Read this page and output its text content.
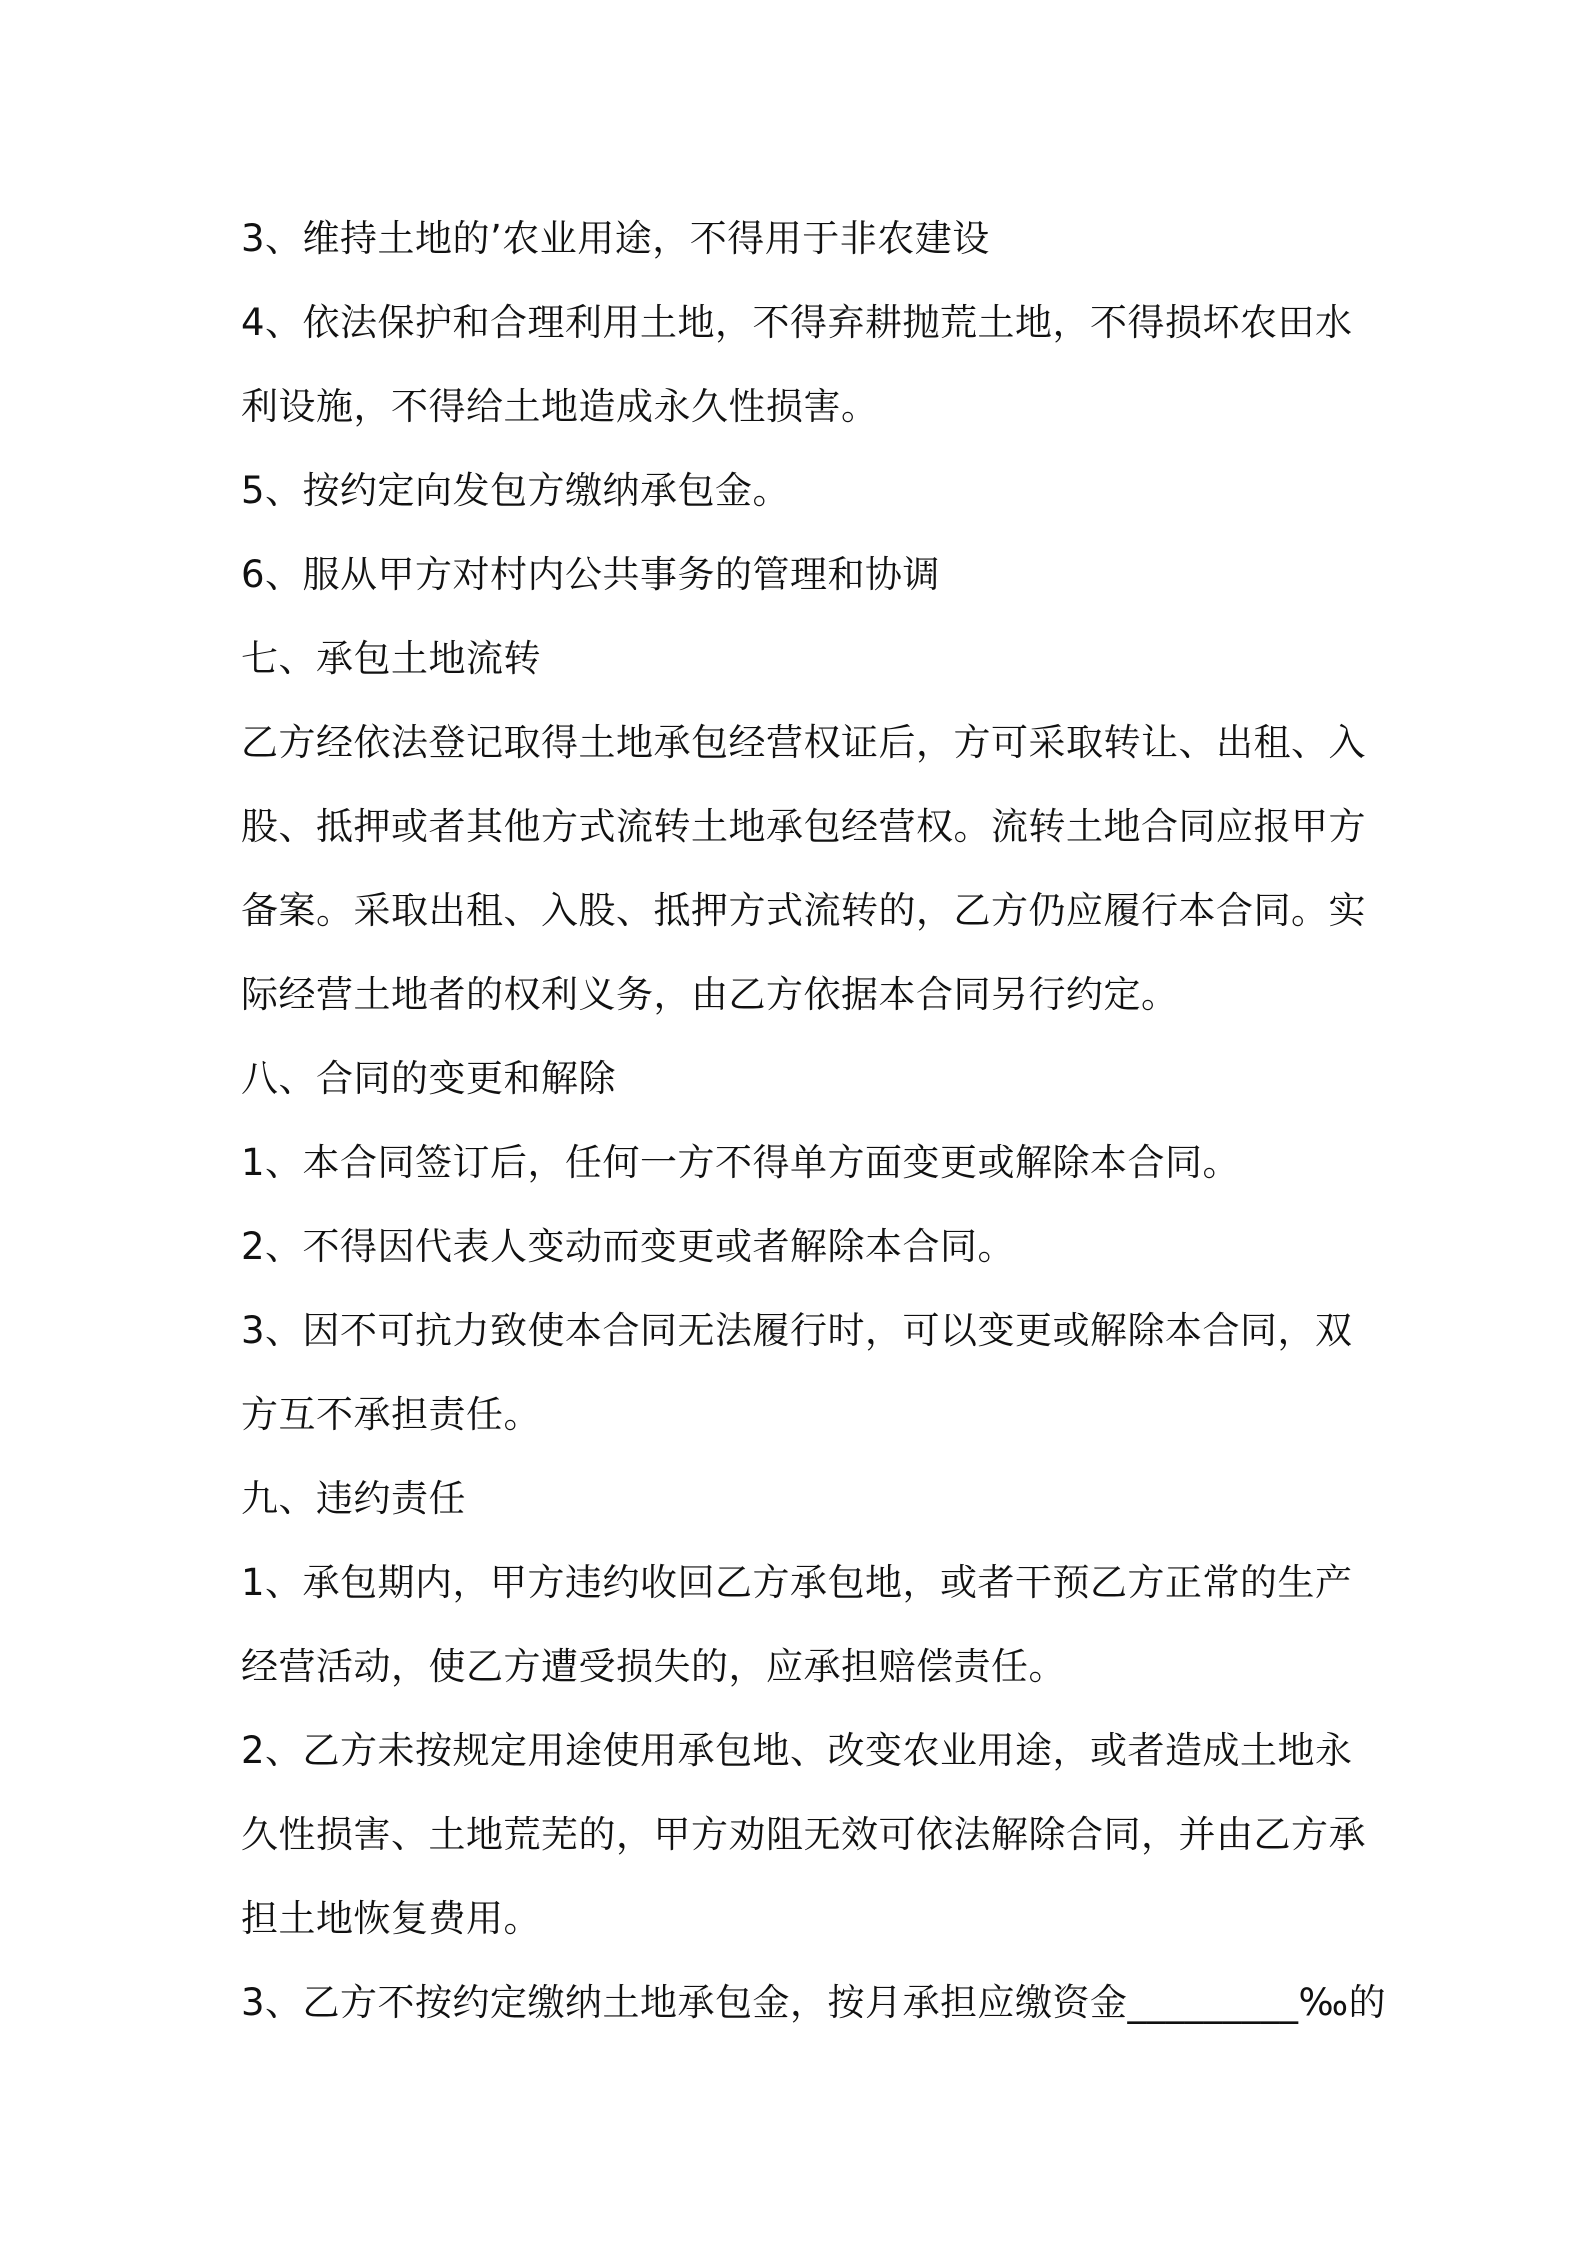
3、维持土地的’农业用途，不得用于非农建设
4、依法保护和合理利用土地，不得弃耕抛荒土地，不得损坏农田水
利设施，不得给土地造成永久性损害。
5、按约定向发包方缴纳承包金。
6、服从甲方对村内公共事务的管理和协调
七、承包土地流转
乙方经依法登记取得土地承包经营权证后，方可采取转让、出租、入
股、抵押或者其他方式流转土地承包经营权。流转土地合同应报甲方
备案。采取出租、入股、抵押方式流转的，乙方仍应履行本合同。实
际经营土地者的权利义务，由乙方依据本合同另行约定。
八、合同的变更和解除
1、本合同签订后，任何一方不得单方面变更或解除本合同。
2、不得因代表人变动而变更或者解除本合同。
3、因不可抗力致使本合同无法履行时，可以变更或解除本合同，双
方互不承担责任。
九、违约责任
1、承包期内，甲方违约收回乙方承包地，或者干预乙方正常的生产
经营活动，使乙方遭受损失的，应承担赔偿责任。
2、乙方未按规定用途使用承包地、改变农业用途，或者造成土地永
久性损害、土地荒芜的，甲方劝阻无效可依法解除合同，并由乙方承
担土地恢复费用。
3、乙方不按约定缴纳土地承包金，按月承担应缴资金_________‰的
